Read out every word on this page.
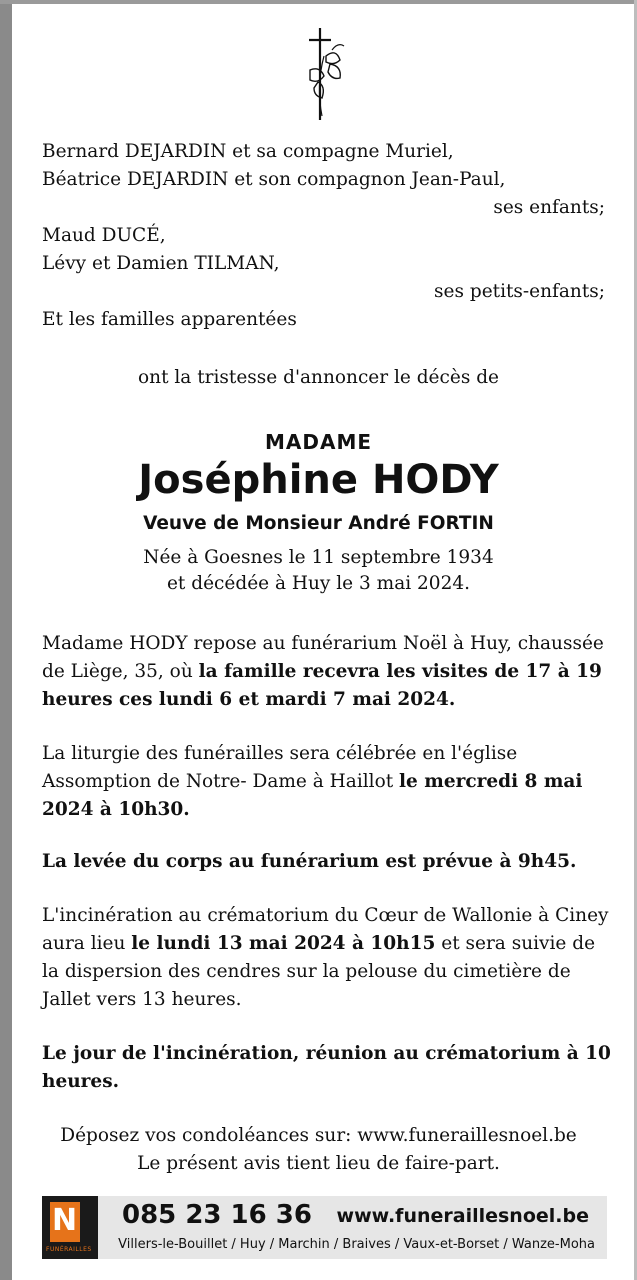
Bernard DEJARDIN et sa compagne Muriel,
Béatrice DEJARDIN et son compagnon Jean-Paul,
ses enfants;
Maud DUCÉ,
Lévy et Damien TILMAN,
ses petits-enfants;
Et les familles apparentées
ont la tristesse d'annoncer le décès de
MADAME
Joséphine HODY
Veuve de Monsieur André FORTIN
Née à Goesnes le 11 septembre 1934
et décédée à Huy le 3 mai 2024.
Madame HODY repose au funérarium Noël à Huy, chaussée de Liège, 35, où la famille recevra les visites de 17 à 19 heures ces lundi 6 et mardi 7 mai 2024.
La liturgie des funérailles sera célébrée en l'église Assomption de Notre- Dame à Haillot le mercredi 8 mai 2024 à 10h30.
La levée du corps au funérarium est prévue à 9h45.
L'incinération au crématorium du Cœur de Wallonie à Ciney aura lieu le lundi 13 mai 2024 à 10h15 et sera suivie de la dispersion des cendres sur la pelouse du cimetière de Jallet vers 13 heures.
Le jour de l'incinération, réunion au crématorium à 10 heures.
Déposez vos condoléances sur: www.funeraillesnoel.be
Le présent avis tient lieu de faire-part.
N
FUNÉRAILLES
085 23 16 36 www.funeraillesnoel.be
Villers-le-Bouillet / Huy / Marchin / Braives / Vaux-et-Borset / Wanze-Moha
